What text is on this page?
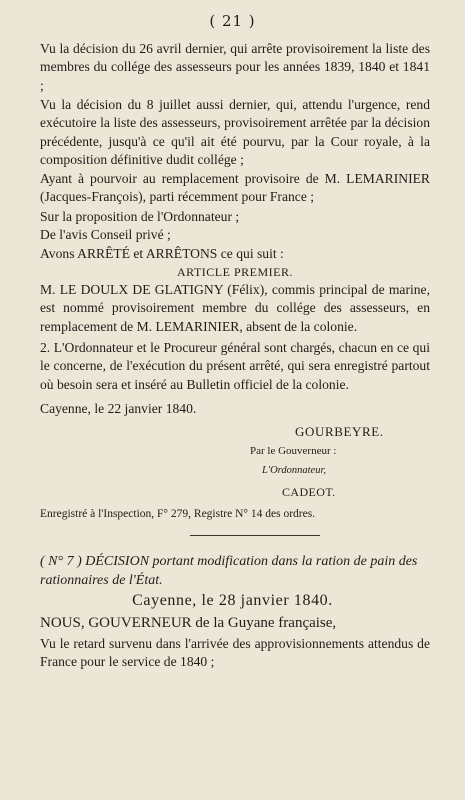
( 21 )
Vu la décision du 26 avril dernier, qui arrête provisoirement la liste des membres du collége des assesseurs pour les années 1839, 1840 et 1841 ;
Vu la décision du 8 juillet aussi dernier, qui, attendu l'urgence, rend exécutoire la liste des assesseurs, provisoirement arrêtée par la décision précédente, jusqu'à ce qu'il ait été pourvu, par la Cour royale, à la composition définitive dudit collége ;
Ayant à pourvoir au remplacement provisoire de M. LEMARINIER (Jacques-François), parti récemment pour France ;
Sur la proposition de l'Ordonnateur ;
De l'avis Conseil privé ;
Avons ARRÊTÉ et ARRÊTONS ce qui suit :
ARTICLE PREMIER.
M. LE DOULX DE GLATIGNY (Félix), commis principal de marine, est nommé provisoirement membre du collége des assesseurs, en remplacement de M. LEMARINIER, absent de la colonie.
2. L'Ordonnateur et le Procureur général sont chargés, chacun en ce qui le concerne, de l'exécution du présent arrêté, qui sera enregistré partout où besoin sera et inséré au Bulletin officiel de la colonie.
Cayenne, le 22 janvier 1840.
GOURBEYRE.
Par le Gouverneur :
L'Ordonnateur,
CADEOT.
Enregistré à l'Inspection, F° 279, Registre N° 14 des ordres.
( N° 7 ) DÉCISION portant modification dans la ration de pain des rationnaires de l'État.
Cayenne, le 28 janvier 1840.
NOUS, GOUVERNEUR de la Guyane française,
Vu le retard survenu dans l'arrivée des approvisionnements attendus de France pour le service de 1840 ;
